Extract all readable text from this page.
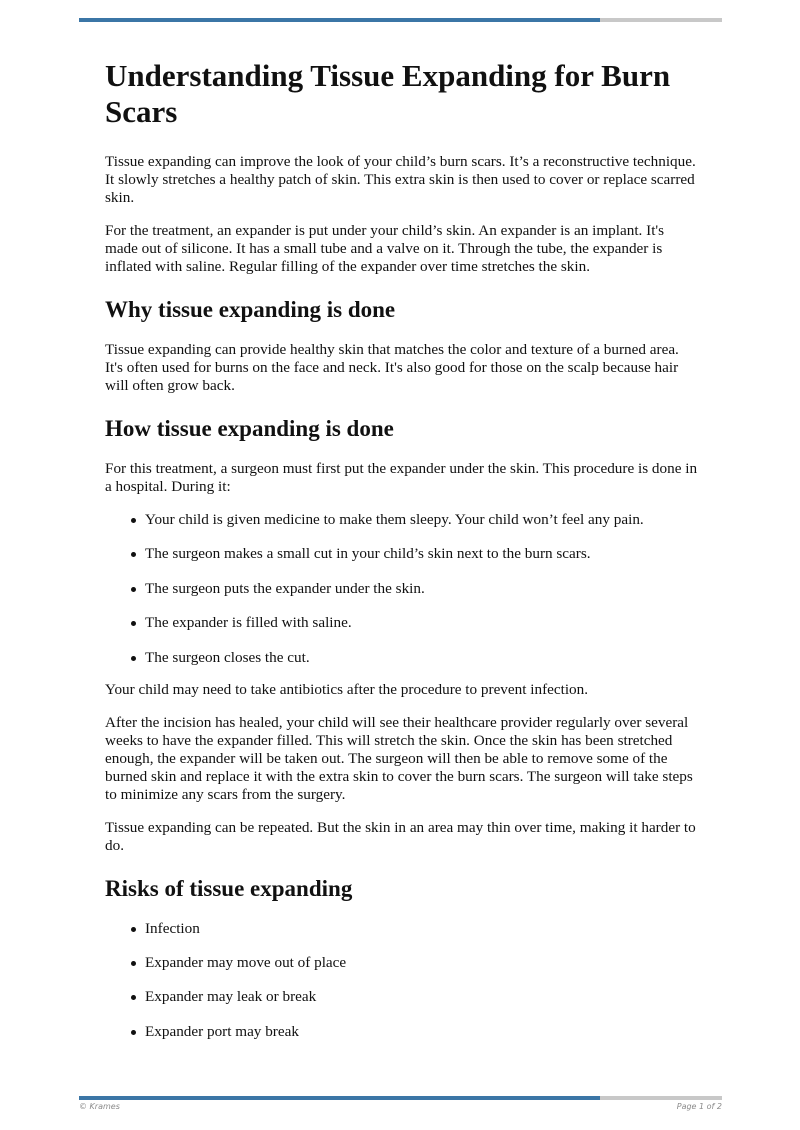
Understanding Tissue Expanding for Burn Scars

Tissue expanding can improve the look of your child’s burn scars. It’s a reconstructive technique. It slowly stretches a healthy patch of skin. This extra skin is then used to cover or replace scarred skin.

For the treatment, an expander is put under your child’s skin. An expander is an implant. It's made out of silicone. It has a small tube and a valve on it. Through the tube, the expander is inflated with saline. Regular filling of the expander over time stretches the skin.

Why tissue expanding is done

Tissue expanding can provide healthy skin that matches the color and texture of a burned area. It's often used for burns on the face and neck. It's also good for those on the scalp because hair will often grow back.

How tissue expanding is done

For this treatment, a surgeon must first put the expander under the skin. This procedure is done in a hospital. During it:

Your child is given medicine to make them sleepy. Your child won’t feel any pain.
The surgeon makes a small cut in your child’s skin next to the burn scars.
The surgeon puts the expander under the skin.
The expander is filled with saline.
The surgeon closes the cut.

Your child may need to take antibiotics after the procedure to prevent infection.

After the incision has healed, your child will see their healthcare provider regularly over several weeks to have the expander filled. This will stretch the skin. Once the skin has been stretched enough, the expander will be taken out. The surgeon will then be able to remove some of the burned skin and replace it with the extra skin to cover the burn scars. The surgeon will take steps to minimize any scars from the surgery.

Tissue expanding can be repeated. But the skin in an area may thin over time, making it harder to do.

Risks of tissue expanding
Infection
Expander may move out of place
Expander may leak or break
Expander port may break
© Krames	Page 1 of 2
